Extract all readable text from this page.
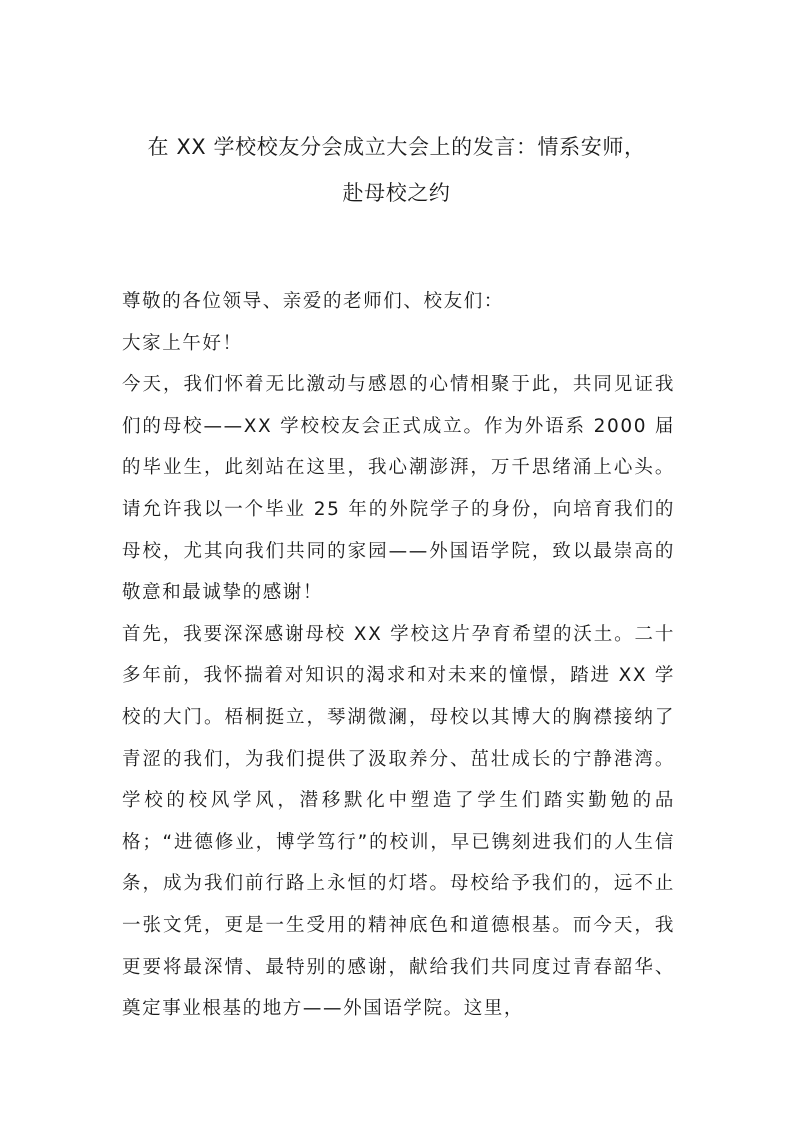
在 XX 学校校友分会成立大会上的发言：情系安师，
赴母校之约

尊敬的各位领导、亲爱的老师们、校友们：

大家上午好！

今天，我们怀着无比激动与感恩的心情相聚于此，共同见证我们的母校——XX 学校校友会正式成立。作为外语系 2000 届的毕业生，此刻站在这里，我心潮澎湃，万千思绪涌上心头。请允许我以一个毕业 25 年的外院学子的身份，向培育我们的母校，尤其向我们共同的家园——外国语学院，致以最崇高的敬意和最诚挚的感谢！

首先，我要深深感谢母校 XX 学校这片孕育希望的沃土。二十多年前，我怀揣着对知识的渴求和对未来的憧憬，踏进 XX 学校的大门。梧桐挺立，琴湖微澜，母校以其博大的胸襟接纳了青涩的我们，为我们提供了汲取养分、茁壮成长的宁静港湾。学校的校风学风，潜移默化中塑造了学生们踏实勤勉的品格；“进德修业，博学笃行”的校训，早已镌刻进我们的人生信条，成为我们前行路上永恒的灯塔。母校给予我们的，远不止一张文凭，更是一生受用的精神底色和道德根基。而今天，我更要将最深情、最特别的感谢，献给我们共同度过青春韶华、奠定事业根基的地方——外国语学院。这里，
